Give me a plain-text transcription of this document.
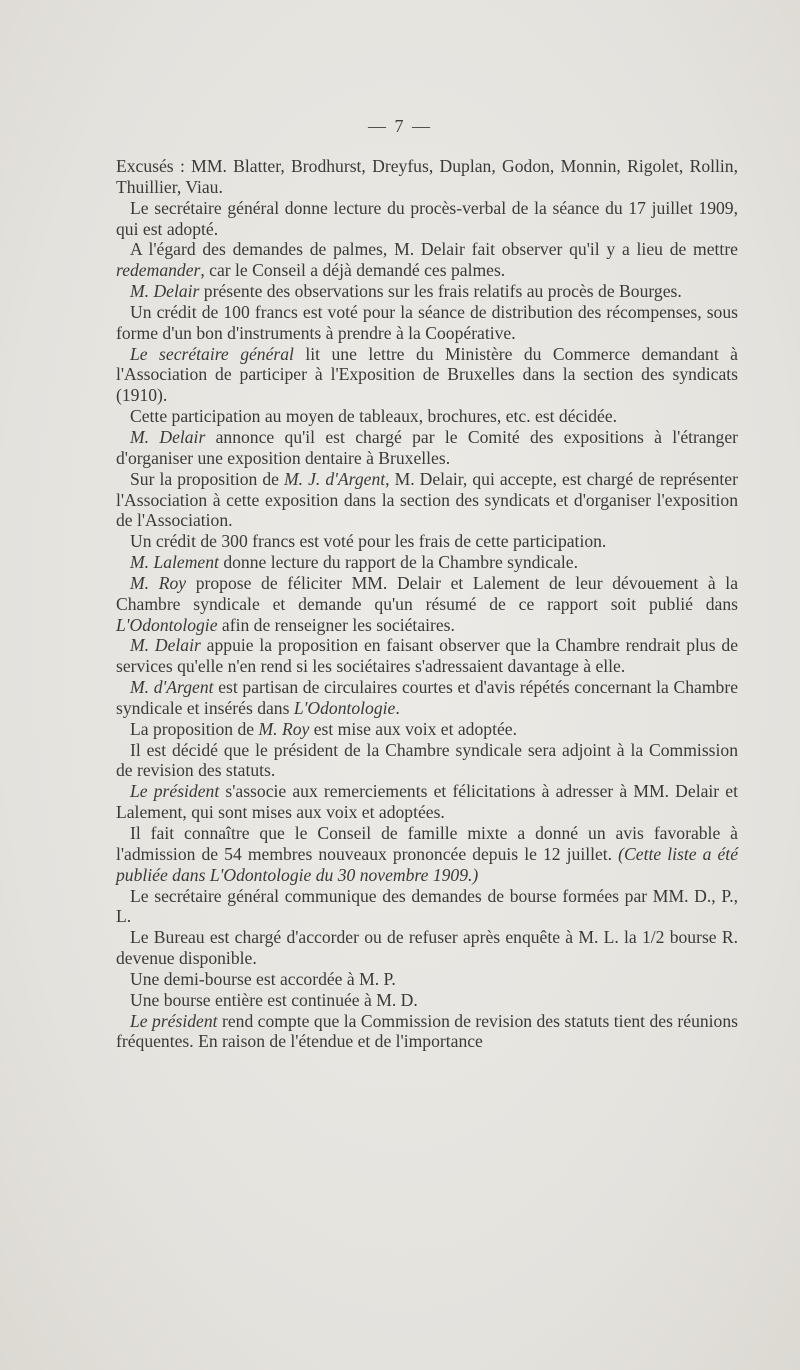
— 7 —

Excusés : MM. Blatter, Brodhurst, Dreyfus, Duplan, Godon, Monnin, Rigolet, Rollin, Thuillier, Viau.

Le secrétaire général donne lecture du procès-verbal de la séance du 17 juillet 1909, qui est adopté.

A l'égard des demandes de palmes, M. Delair fait observer qu'il y a lieu de mettre redemander, car le Conseil a déjà demandé ces palmes.

M. Delair présente des observations sur les frais relatifs au procès de Bourges.

Un crédit de 100 francs est voté pour la séance de distribution des récompenses, sous forme d'un bon d'instruments à prendre à la Coopérative.

Le secrétaire général lit une lettre du Ministère du Commerce demandant à l'Association de participer à l'Exposition de Bruxelles dans la section des syndicats (1910).

Cette participation au moyen de tableaux, brochures, etc. est décidée.

M. Delair annonce qu'il est chargé par le Comité des expositions à l'étranger d'organiser une exposition dentaire à Bruxelles.

Sur la proposition de M. J. d'Argent, M. Delair, qui accepte, est chargé de représenter l'Association à cette exposition dans la section des syndicats et d'organiser l'exposition de l'Association.

Un crédit de 300 francs est voté pour les frais de cette participation.

M. Lalement donne lecture du rapport de la Chambre syndicale.

M. Roy propose de féliciter MM. Delair et Lalement de leur dévouement à la Chambre syndicale et demande qu'un résumé de ce rapport soit publié dans L'Odontologie afin de renseigner les sociétaires.

M. Delair appuie la proposition en faisant observer que la Chambre rendrait plus de services qu'elle n'en rend si les sociétaires s'adressaient davantage à elle.

M. d'Argent est partisan de circulaires courtes et d'avis répétés concernant la Chambre syndicale et insérés dans L'Odontologie.

La proposition de M. Roy est mise aux voix et adoptée.

Il est décidé que le président de la Chambre syndicale sera adjoint à la Commission de revision des statuts.

Le président s'associe aux remerciements et félicitations à adresser à MM. Delair et Lalement, qui sont mises aux voix et adoptées.

Il fait connaître que le Conseil de famille mixte a donné un avis favorable à l'admission de 54 membres nouveaux prononcée depuis le 12 juillet. (Cette liste a été publiée dans L'Odontologie du 30 novembre 1909.)

Le secrétaire général communique des demandes de bourse formées par MM. D., P., L.

Le Bureau est chargé d'accorder ou de refuser après enquête à M. L. la 1/2 bourse R. devenue disponible.

Une demi-bourse est accordée à M. P.

Une bourse entière est continuée à M. D.

Le président rend compte que la Commission de revision des statuts tient des réunions fréquentes. En raison de l'étendue et de l'importance
